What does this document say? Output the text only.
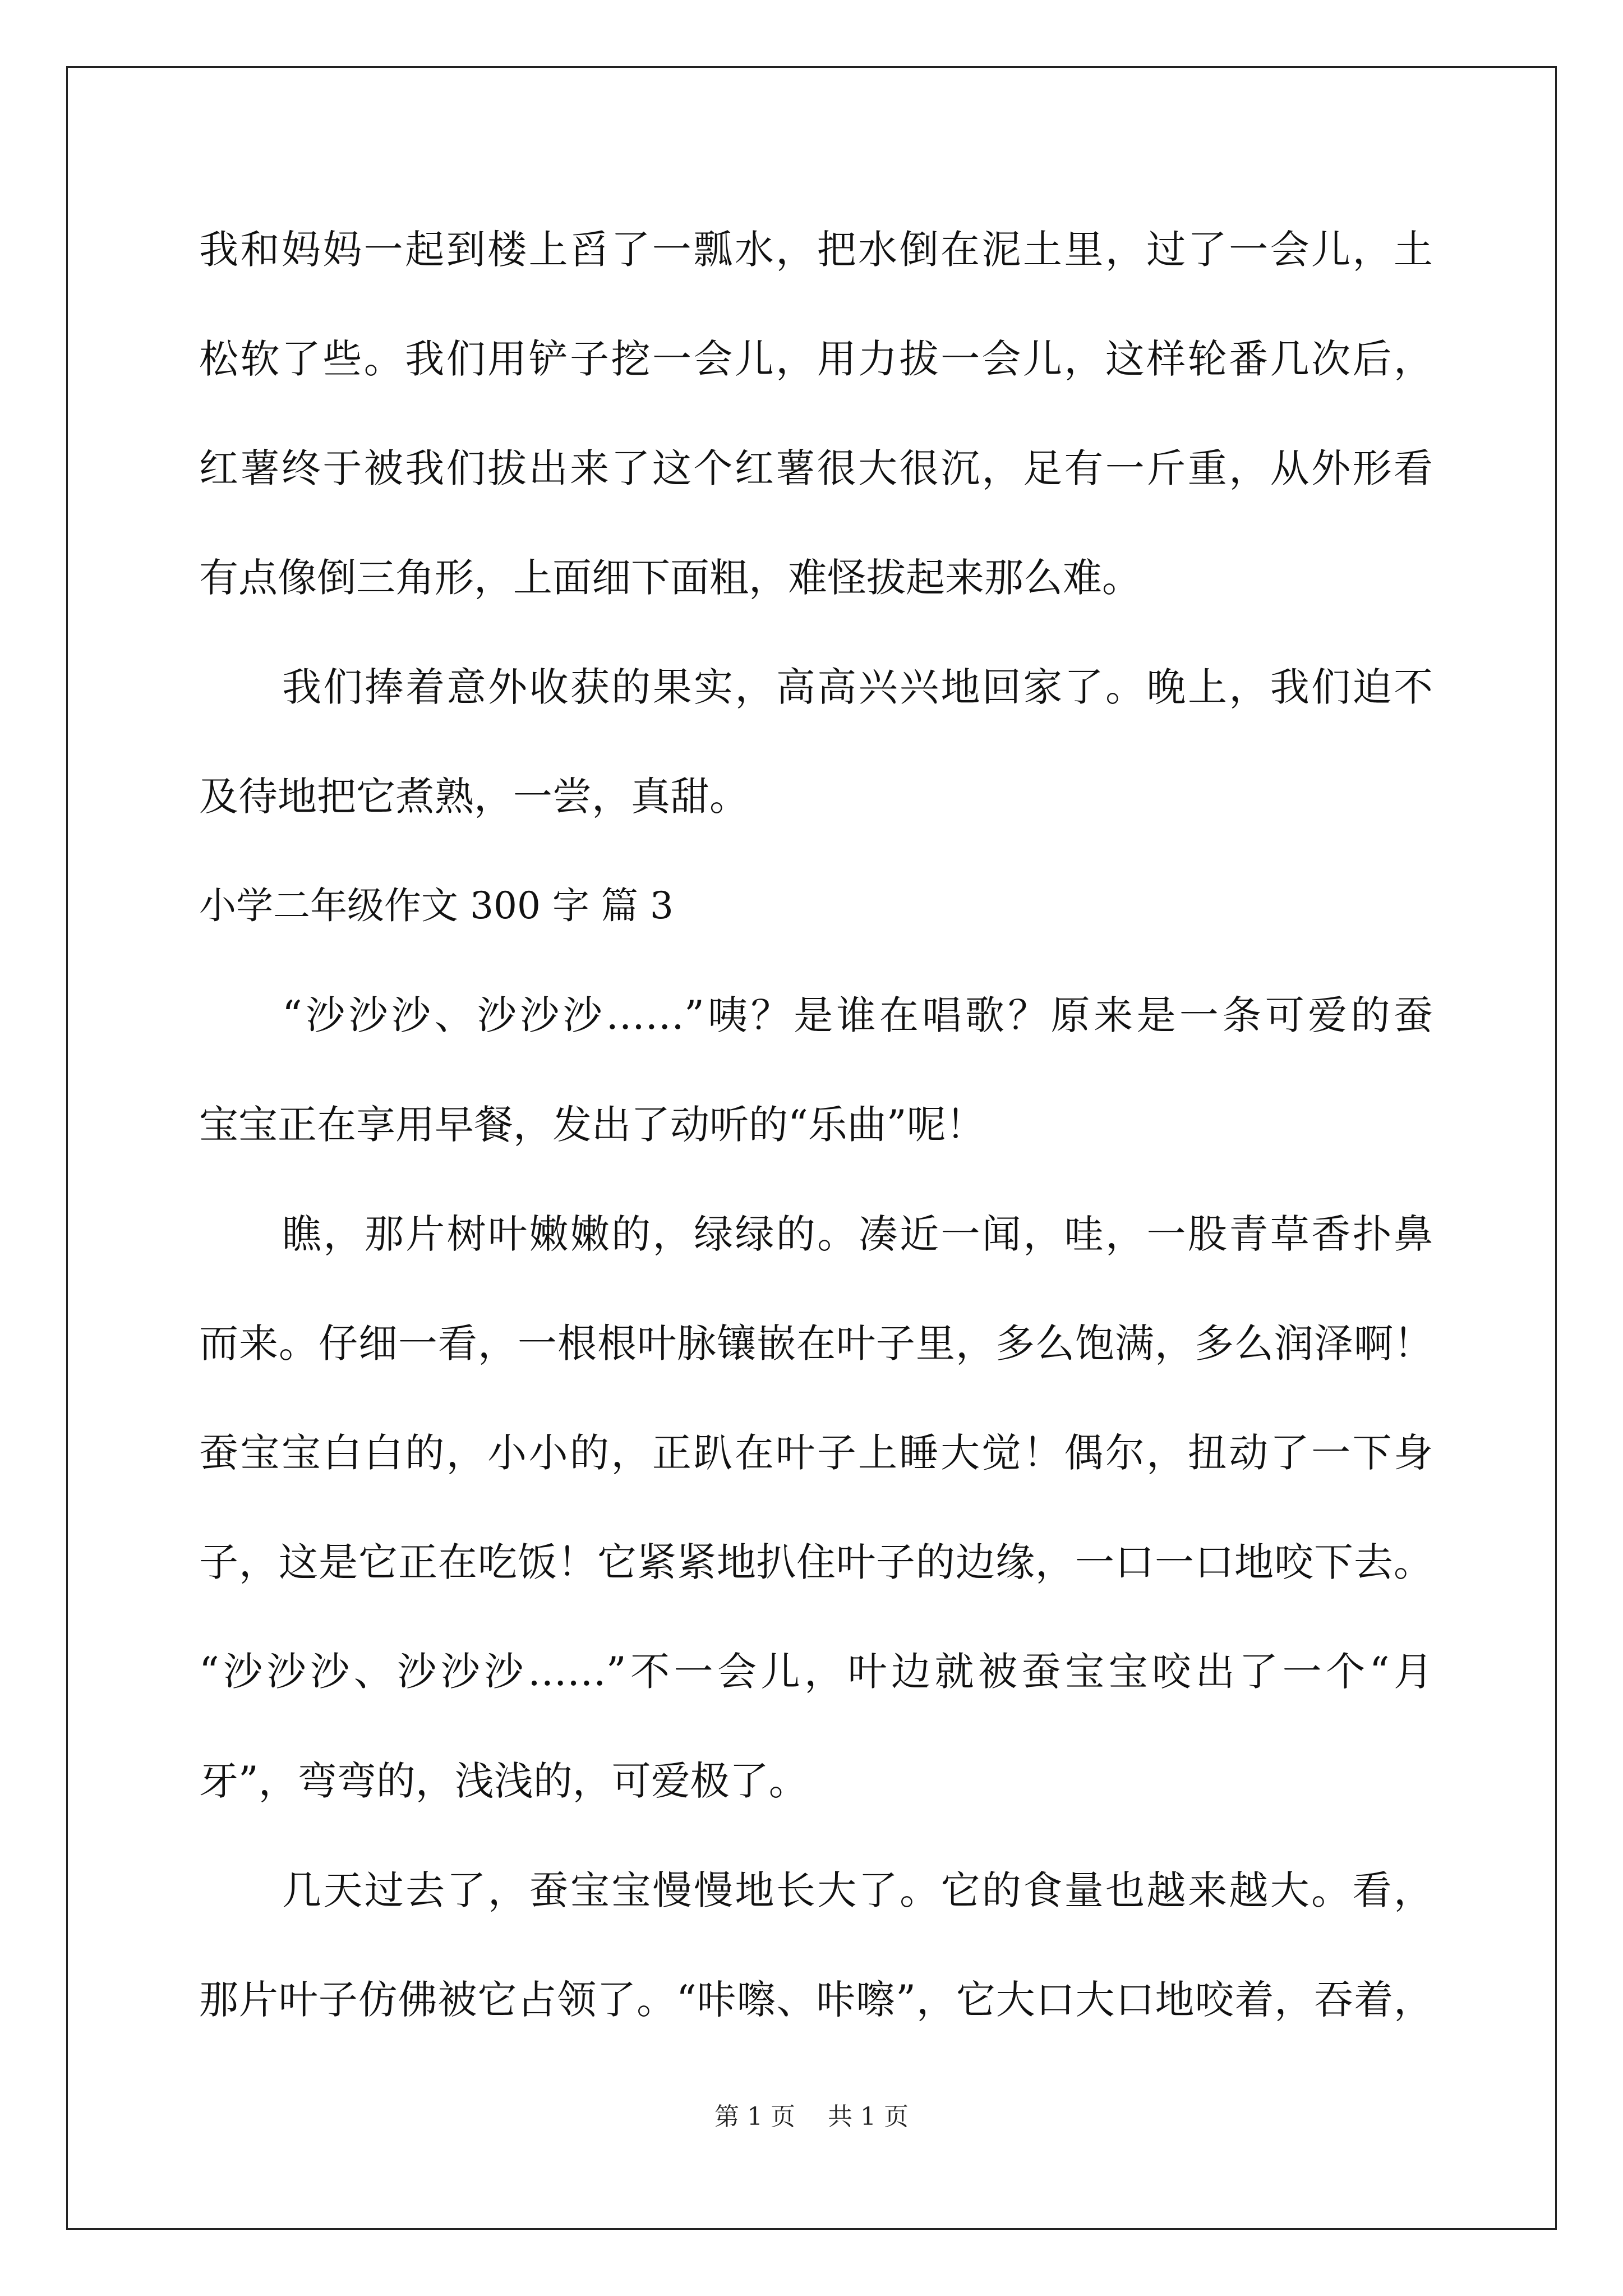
我和妈妈一起到楼上舀了一瓢水，把水倒在泥土里，过了一会儿，土
松软了些。我们用铲子挖一会儿，用力拔一会儿，这样轮番几次后，
红薯终于被我们拔出来了这个红薯很大很沉，足有一斤重，从外形看
有点像倒三角形，上面细下面粗，难怪拔起来那么难。
我们捧着意外收获的果实，高高兴兴地回家了。晚上，我们迫不
及待地把它煮熟，一尝，真甜。
小学二年级作文 300 字 篇 3
“沙沙沙、沙沙沙……”咦？是谁在唱歌？原来是一条可爱的蚕
宝宝正在享用早餐，发出了动听的“乐曲”呢！
瞧，那片树叶嫩嫩的，绿绿的。凑近一闻，哇，一股青草香扑鼻
而来。仔细一看，一根根叶脉镶嵌在叶子里，多么饱满，多么润泽啊！
蚕宝宝白白的，小小的，正趴在叶子上睡大觉！偶尔，扭动了一下身
子，这是它正在吃饭！它紧紧地扒住叶子的边缘，一口一口地咬下去。
“沙沙沙、沙沙沙……”不一会儿，叶边就被蚕宝宝咬出了一个“月
牙”，弯弯的，浅浅的，可爱极了。
几天过去了，蚕宝宝慢慢地长大了。它的食量也越来越大。看，
那片叶子仿佛被它占领了。“咔嚓、咔嚓”，它大口大口地咬着，吞着，
第 1 页 共 1 页
